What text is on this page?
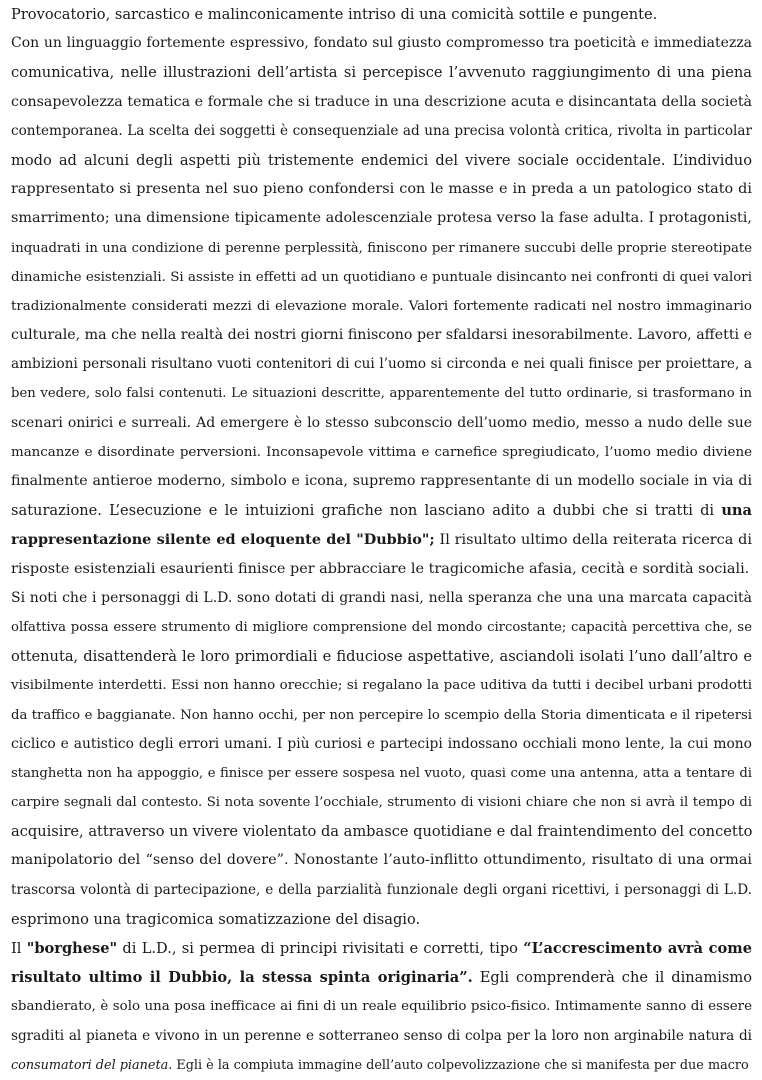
Provocatorio, sarcastico e malinconicamente intriso di una comicità sottile e pungente.
Con un linguaggio fortemente espressivo, fondato sul giusto compromesso tra poeticità e immediatezza
comunicativa, nelle illustrazioni dell’artista si percepisce l’avvenuto raggiungimento di una piena
consapevolezza tematica e formale che si traduce in una descrizione acuta e disincantata della società
contemporanea. La scelta dei soggetti è consequenziale ad una precisa volontà critica, rivolta in particolar
modo ad alcuni degli aspetti più tristemente endemici del vivere sociale occidentale. L’individuo
rappresentato si presenta nel suo pieno confondersi con le masse e in preda a un patologico stato di
smarrimento; una dimensione tipicamente adolescenziale protesa verso la fase adulta. I protagonisti,
inquadrati in una condizione di perenne perplessità, finiscono per rimanere succubi delle proprie stereotipate
dinamiche esistenziali. Si assiste in effetti ad un quotidiano e puntuale disincanto nei confronti di quei valori
tradizionalmente considerati mezzi di elevazione morale. Valori fortemente radicati nel nostro immaginario
culturale, ma che nella realtà dei nostri giorni finiscono per sfaldarsi inesorabilmente. Lavoro, affetti e
ambizioni personali risultano vuoti contenitori di cui l’uomo si circonda e nei quali finisce per proiettare, a
ben vedere, solo falsi contenuti. Le situazioni descritte, apparentemente del tutto ordinarie, si trasformano in
scenari onirici e surreali. Ad emergere è lo stesso subconscio dell’uomo medio, messo a nudo delle sue
mancanze e disordinate perversioni. Inconsapevole vittima e carnefice spregiudicato, l’uomo medio diviene
finalmente antieroe moderno, simbolo e icona, supremo rappresentante di un modello sociale in via di
saturazione. L’esecuzione e le intuizioni grafiche non lasciano adito a dubbi che si tratti di una
rappresentazione silente ed eloquente del "Dubbio"; Il risultato ultimo della reiterata ricerca di
risposte esistenziali esaurienti finisce per abbracciare le tragicomiche afasia, cecità e sordità sociali.
Si noti che i personaggi di L.D. sono dotati di grandi nasi, nella speranza che una una marcata capacità
olfattiva possa essere strumento di migliore comprensione del mondo circostante; capacità percettiva che, se
ottenuta, disattenderà le loro primordiali e fiduciose aspettative, asciandoli isolati l’uno dall’altro e
visibilmente interdetti. Essi non hanno orecchie; si regalano la pace uditiva da tutti i decibel urbani prodotti
da traffico e baggianate. Non hanno occhi, per non percepire lo scempio della Storia dimenticata e il ripetersi
ciclico e autistico degli errori umani. I più curiosi e partecipi indossano occhiali mono lente, la cui mono
stanghetta non ha appoggio, e finisce per essere sospesa nel vuoto, quasi come una antenna, atta a tentare di
carpire segnali dal contesto. Si nota sovente l’occhiale, strumento di visioni chiare che non si avrà il tempo di
acquisire, attraverso un vivere violentato da ambasce quotidiane e dal fraintendimento del concetto
manipolatorio del “senso del dovere”. Nonostante l’auto-inflitto ottundimento, risultato di una ormai
trascorsa volontà di partecipazione, e della parzialità funzionale degli organi ricettivi, i personaggi di L.D.
esprimono una tragicomica somatizzazione del disagio.
Il "borghese" di L.D., si permea di principi rivisitati e corretti, tipo “L’accrescimento avrà come
risultato ultimo il Dubbio, la stessa spinta originaria”. Egli comprenderà che il dinamismo
sbandierato, è solo una posa inefficace ai fini di un reale equilibrio psico-fisico. Intimamente sanno di essere
sgraditi al pianeta e vivono in un perenne e sotterraneo senso di colpa per la loro non arginabile natura di
consumatori del pianeta. Egli è la compiuta immagine dell’auto colpevolizzazione che si manifesta per due macro
